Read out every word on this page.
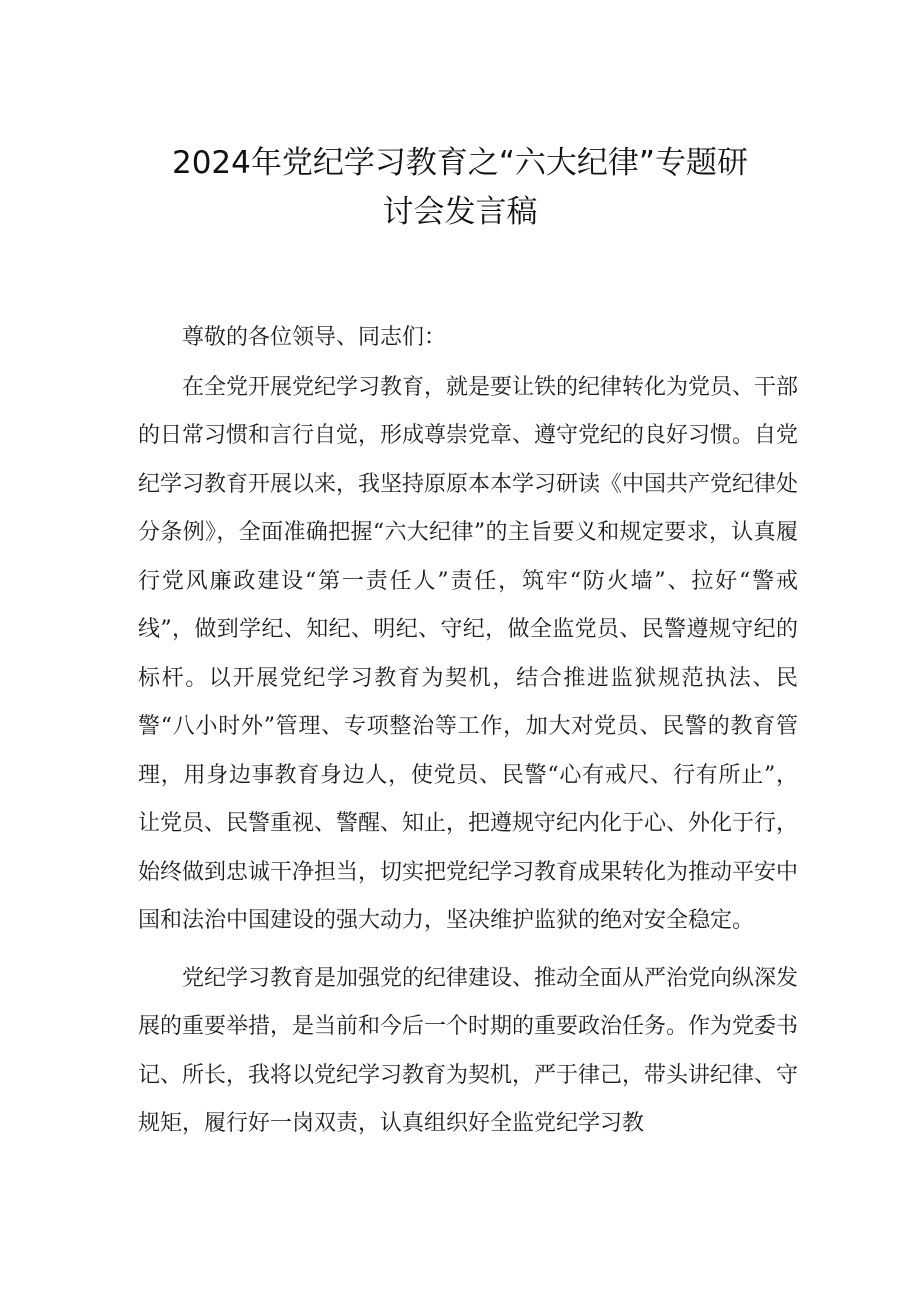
2024年党纪学习教育之“六大纪律”专题研
讨会发言稿

尊敬的各位领导、同志们：

在全党开展党纪学习教育，就是要让铁的纪律转化为党员、干部的日常习惯和言行自觉，形成尊崇党章、遵守党纪的良好习惯。自党纪学习教育开展以来，我坚持原原本本学习研读《中国共产党纪律处分条例》，全面准确把握“六大纪律”的主旨要义和规定要求，认真履行党风廉政建设“第一责任人”责任，筑牢“防火墙”、拉好“警戒线”，做到学纪、知纪、明纪、守纪，做全监党员、民警遵规守纪的标杆。以开展党纪学习教育为契机，结合推进监狱规范执法、民警“八小时外”管理、专项整治等工作，加大对党员、民警的教育管理，用身边事教育身边人，使党员、民警“心有戒尺、行有所止”，让党员、民警重视、警醒、知止，把遵规守纪内化于心、外化于行，始终做到忠诚干净担当，切实把党纪学习教育成果转化为推动平安中国和法治中国建设的强大动力，坚决维护监狱的绝对安全稳定。

党纪学习教育是加强党的纪律建设、推动全面从严治党向纵深发展的重要举措，是当前和今后一个时期的重要政治任务。作为党委书记、所长，我将以党纪学习教育为契机，严于律己，带头讲纪律、守规矩，履行好一岗双责，认真组织好全监党纪学习教
